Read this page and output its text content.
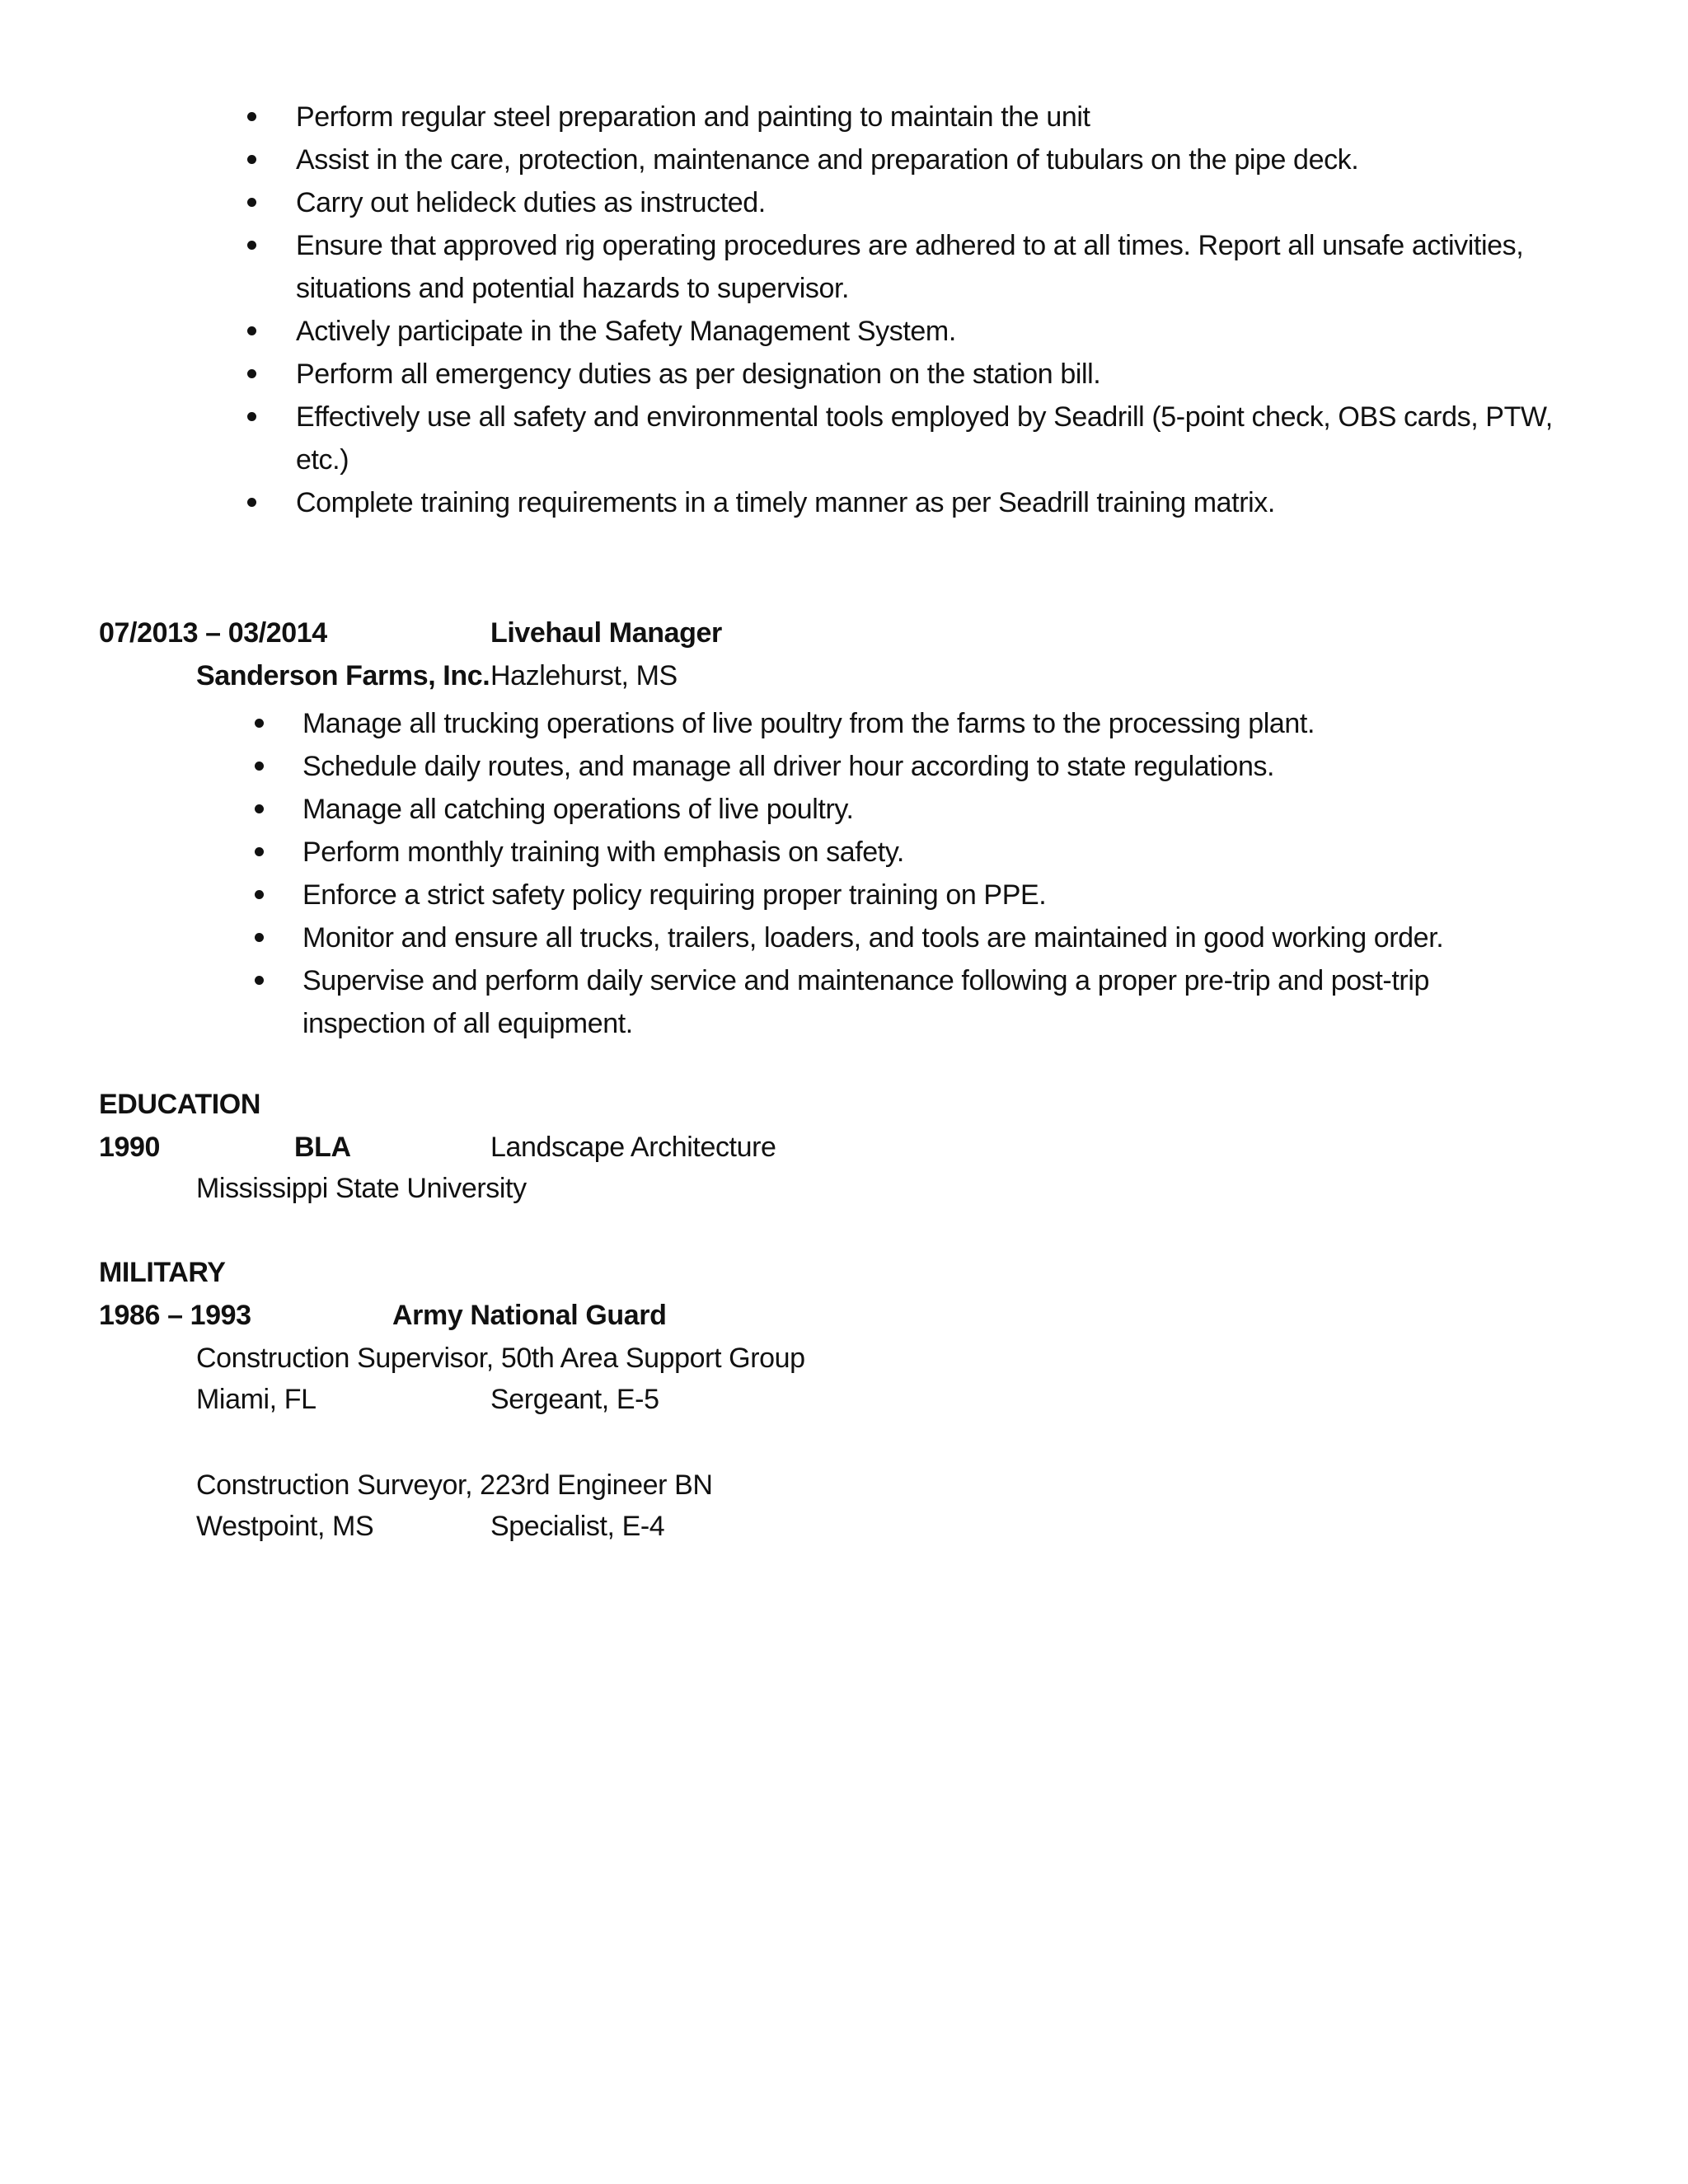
Perform regular steel preparation and painting to maintain the unit
Assist in the care, protection, maintenance and preparation of tubulars on the pipe deck.
Carry out helideck duties as instructed.
Ensure that approved rig operating procedures are adhered to at all times. Report all unsafe activities,
situations and potential hazards to supervisor.
Actively participate in the Safety Management System.
Perform all emergency duties as per designation on the station bill.
Effectively use all safety and environmental tools employed by Seadrill (5-point check, OBS cards, PTW,
etc.)
Complete training requirements in a timely manner as per Seadrill training matrix.
07/2013 – 03/2014	Livehaul Manager
Sanderson Farms, Inc. Hazlehurst, MS
Manage all trucking operations of live poultry from the farms to the processing plant.
Schedule daily routes, and manage all driver hour according to state regulations.
Manage all catching operations of live poultry.
Perform monthly training with emphasis on safety.
Enforce a strict safety policy requiring proper training on PPE.
Monitor and ensure all trucks, trailers, loaders, and tools are maintained in good working order.
Supervise and perform daily service and maintenance following a proper pre-trip and post-trip
inspection of all equipment.
EDUCATION
1990	BLA	Landscape Architecture
Mississippi State University
MILITARY
1986 – 1993	Army National Guard
Construction Supervisor, 50th Area Support Group
Miami, FL	Sergeant, E-5
Construction Surveyor, 223rd Engineer BN
Westpoint, MS	Specialist, E-4
